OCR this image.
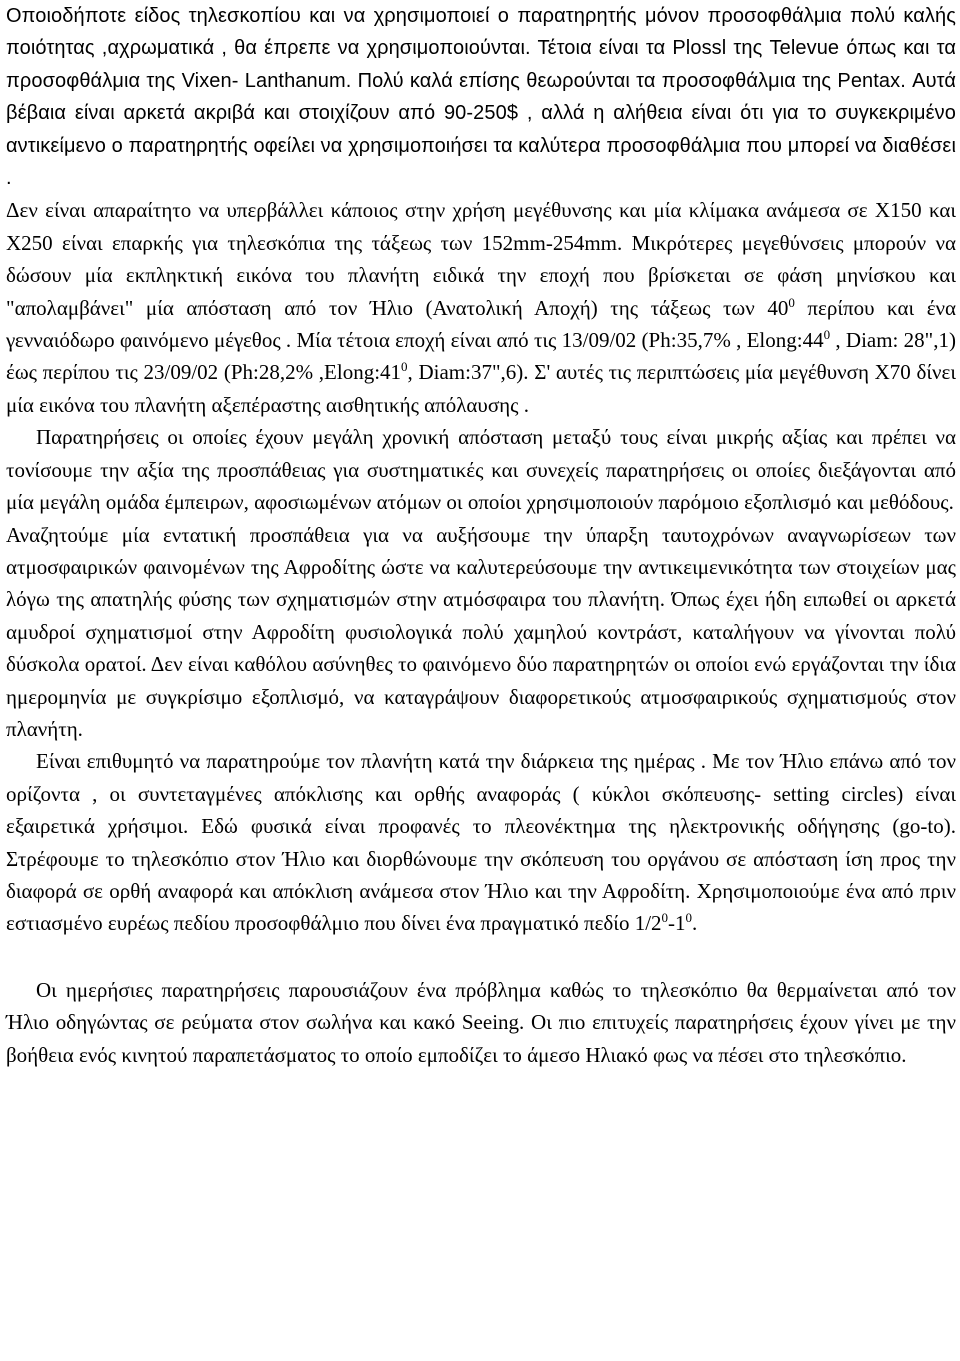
Οποιοδήποτε είδος τηλεσκοπίου και να χρησιμοποιεί ο παρατηρητής μόνον προσοφθάλμια πολύ καλής ποιότητας ,αχρωματικά , θα έπρεπε να χρησιμοποιούνται. Τέτοια είναι τα Plossl της Televue όπως και τα προσοφθάλμια της Vixen- Lanthanum. Πολύ καλά επίσης θεωρούνται τα προσοφθάλμια της Pentax. Αυτά βέβαια είναι αρκετά ακριβά και στοιχίζουν από 90-250$ , αλλά η αλήθεια είναι ότι για το συγκεκριμένο αντικείμενο ο παρατηρητής οφείλει να χρησιμοποιήσει τα καλύτερα προσοφθάλμια που μπορεί να διαθέσει .

Δεν είναι απαραίτητο να υπερβάλλει κάποιος στην χρήση μεγέθυνσης και μία κλίμακα ανάμεσα σε Χ150 και Χ250 είναι επαρκής για τηλεσκόπια της τάξεως των 152mm-254mm. Μικρότερες μεγεθύνσεις μπορούν να δώσουν μία εκπληκτική εικόνα του πλανήτη ειδικά την εποχή που βρίσκεται σε φάση μηνίσκου και "απολαμβάνει" μία απόσταση από τον Ήλιο (Ανατολική Αποχή) της τάξεως των $40^0$ περίπου και ένα γενναιόδωρο φαινόμενο μέγεθος . Μία τέτοια εποχή είναι από τις 13/09/02 (Ph:35,7% , $Elong:44^0$ , Diam: 28",1) έως περίπου τις 23/09/02 (Ph:28,2% $,Elong:41^0$, Diam:37",6). Σ' αυτές τις περιπτώσεις μία μεγέθυνση Χ70 δίνει μία εικόνα του πλανήτη αξεπέραστης αισθητικής απόλαυσης .

Παρατηρήσεις οι οποίες έχουν μεγάλη χρονική απόσταση μεταξύ τους είναι μικρής αξίας και πρέπει να τονίσουμε την αξία της προσπάθειας για συστηματικές και συνεχείς παρατηρήσεις οι οποίες διεξάγονται από μία μεγάλη ομάδα έμπειρων, αφοσιωμένων ατόμων οι οποίοι χρησιμοποιούν παρόμοιο εξοπλισμό και μεθόδους.

Αναζητούμε μία εντατική προσπάθεια για να αυξήσουμε την ύπαρξη ταυτοχρόνων αναγνωρίσεων των ατμοσφαιρικών φαινομένων της Αφροδίτης ώστε να καλυτερεύσουμε την αντικειμενικότητα των στοιχείων μας λόγω της απατηλής φύσης των σχηματισμών στην ατμόσφαιρα του πλανήτη. Όπως έχει ήδη ειπωθεί οι αρκετά αμυδροί σχηματισμοί στην Αφροδίτη φυσιολογικά πολύ χαμηλού κοντράστ, καταλήγουν να γίνονται πολύ δύσκολα ορατοί. Δεν είναι καθόλου ασύνηθες το φαινόμενο δύο παρατηρητών οι οποίοι ενώ εργάζονται την ίδια ημερομηνία με συγκρίσιμο εξοπλισμό, να καταγράψουν διαφορετικούς ατμοσφαιρικούς σχηματισμούς στον πλανήτη.

Είναι επιθυμητό να παρατηρούμε τον πλανήτη κατά την διάρκεια της ημέρας . Με τον Ήλιο επάνω από τον ορίζοντα , οι συντεταγμένες απόκλισης και ορθής αναφοράς ( κύκλοι σκόπευσης- setting circles) είναι εξαιρετικά χρήσιμοι. Εδώ φυσικά είναι προφανές το πλεονέκτημα της ηλεκτρονικής οδήγησης (go-to). Στρέφουμε το τηλεσκόπιο στον Ήλιο και διορθώνουμε την σκόπευση του οργάνου σε απόσταση ίση προς την διαφορά σε ορθή αναφορά και απόκλιση ανάμεσα στον Ήλιο και την Αφροδίτη. Χρησιμοποιούμε ένα από πριν εστιασμένο ευρέως πεδίου προσοφθάλμιο που δίνει ένα πραγματικό πεδίο $1/2^0-1^0$.

Οι ημερήσιες παρατηρήσεις παρουσιάζουν ένα πρόβλημα καθώς το τηλεσκόπιο θα θερμαίνεται από τον Ήλιο οδηγώντας σε ρεύματα στον σωλήνα και κακό Seeing. Οι πιο επιτυχείς παρατηρήσεις έχουν γίνει με την βοήθεια ενός κινητού παραπετάσματος το οποίο εμποδίζει το άμεσο Ηλιακό φως να πέσει στο τηλεσκόπιο.
